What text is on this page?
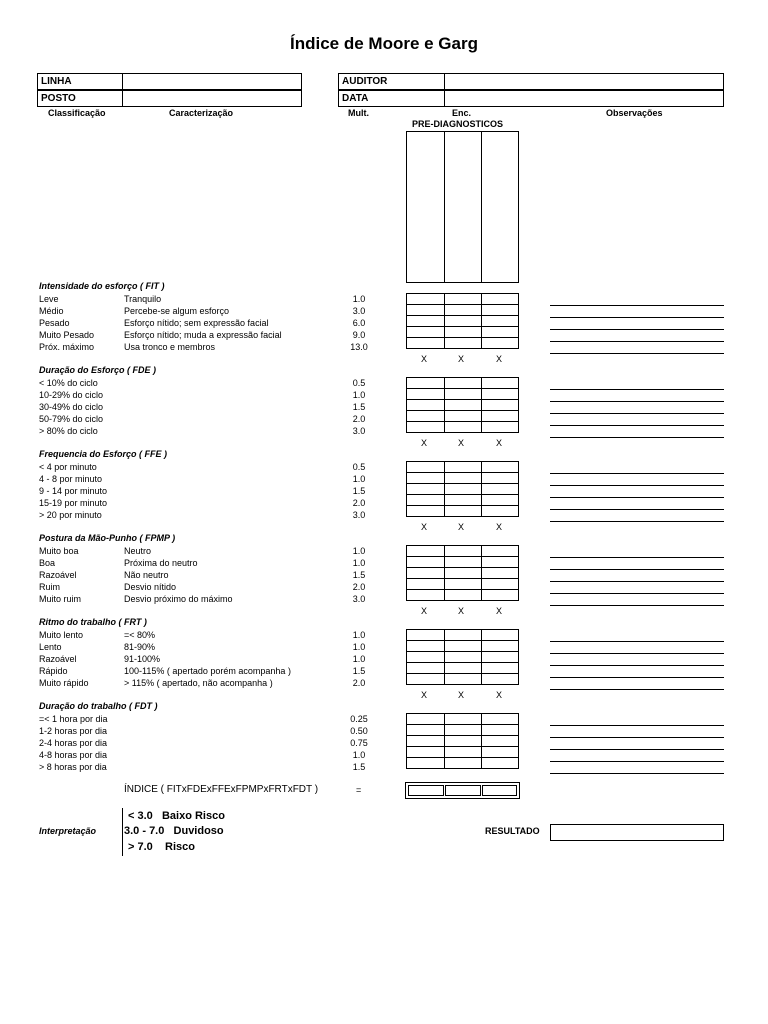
Índice de Moore e Garg
LINHA
POSTO
AUDITOR
DATA
Classificação	Caracterização	Mult.	Enc.
PRE-DIAGNOSTICOS
Observações

Intensidade do esforço ( FIT )
Leve	Tranquilo	1.0
Médio	Percebe-se algum esforço	3.0
Pesado	Esforço nítido; sem expressão facial	6.0
Muito Pesado	Esforço nítido; muda a expressão facial	9.0
Próx. máximo	Usa tronco e membros	13.0

X	X	X
Duração do Esforço ( FDE )
< 10% do ciclo	0.5
10-29% do ciclo	1.0
30-49% do ciclo	1.5
50-79% do ciclo	2.0
> 80% do ciclo	3.0

X	X	X
Frequencia do Esforço ( FFE )
< 4 por minuto	0.5
4 - 8 por minuto	1.0
9 - 14 por minuto	1.5
15-19 por minuto	2.0
> 20 por minuto	3.0

X	X	X
Postura da Mão-Punho ( FPMP )
Muito boa	Neutro	1.0
Boa	Próxima do neutro	1.0
Razoável	Não neutro	1.5
Ruim	Desvio nítido	2.0
Muito ruim	Desvio próximo do máximo	3.0

X	X	X
Ritmo do trabalho ( FRT )
Muito lento	=< 80%	1.0
Lento	81-90%	1.0
Razoável	91-100%	1.0
Rápido	100-115% ( apertado porém acompanha )	1.5
Muito rápido	> 115% ( apertado, não acompanha )	2.0

X	X	X
Duração do trabalho ( FDT )
=< 1 hora por dia	0.25
1-2 horas por dia	0.50
2-4 horas por dia	0.75
4-8 horas por dia	1.0
> 8 horas por dia	1.5

ÍNDICE ( FITxFDExFFExFPMPxFRTxFDT )	=
Interpretação
< 3.0 Baixo Risco
3.0 - 7.0 Duvidoso
> 7.0 Risco
RESULTADO
